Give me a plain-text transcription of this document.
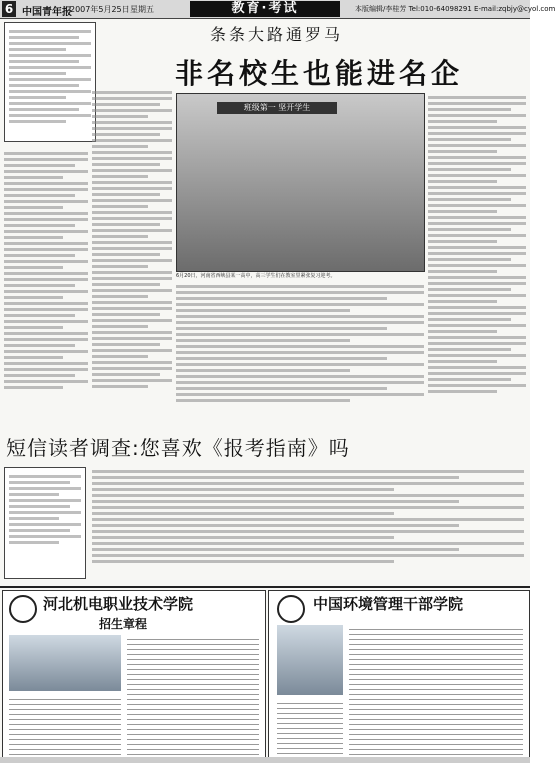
6 中国青年报
2007年5月25日 星期五	教育·考试	本版编辑/李桂芳 Tel:010-64098291 E-mail:zqbjy@cyol.com
条条大路通罗马
非名校生也能进名企
班级第一 坚开学生
6月20日，河南省西峡县某一高中，高三学生们在教室里紧张复习迎考。
短信读者调查:您喜欢《报考指南》吗
河北机电职业技术学院
招生章程
中国环境管理干部学院
